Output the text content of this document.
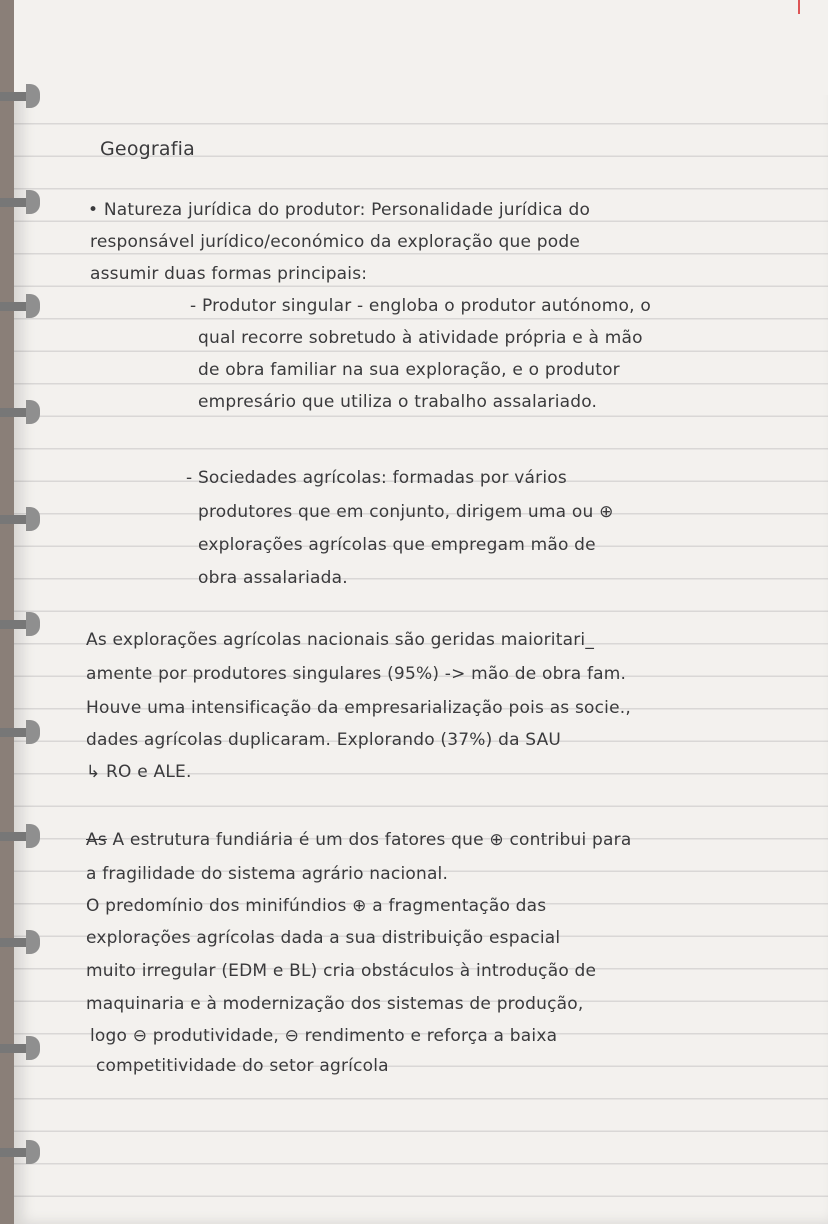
Geografia
• Natureza jurídica do produtor: Personalidade jurídica do
responsável jurídico/económico da exploração que pode
assumir duas formas principais:
- Produtor singular - engloba o produtor autónomo, o
qual recorre sobretudo à atividade própria e à mão
de obra familiar na sua exploração, e o produtor
empresário que utiliza o trabalho assalariado.
- Sociedades agrícolas: formadas por vários
produtores que em conjunto, dirigem uma ou ⊕
explorações agrícolas que empregam mão de
obra assalariada.
As explorações agrícolas nacionais são geridas maioritari_
amente por produtores singulares (95%) -> mão de obra fam.
Houve uma intensificação da empresarialização pois as socie.,
dades agrícolas duplicaram. Explorando (37%) da SAU
↳ RO e ALE.
As A estrutura fundiária é um dos fatores que ⊕ contribui para
a fragilidade do sistema agrário nacional.
O predomínio dos minifúndios ⊕ a fragmentação das
explorações agrícolas dada a sua distribuição espacial
muito irregular (EDM e BL) cria obstáculos à introdução de
maquinaria e à modernização dos sistemas de produção,
logo ⊖ produtividade, ⊖ rendimento e reforça a baixa
competitividade do setor agrícola
